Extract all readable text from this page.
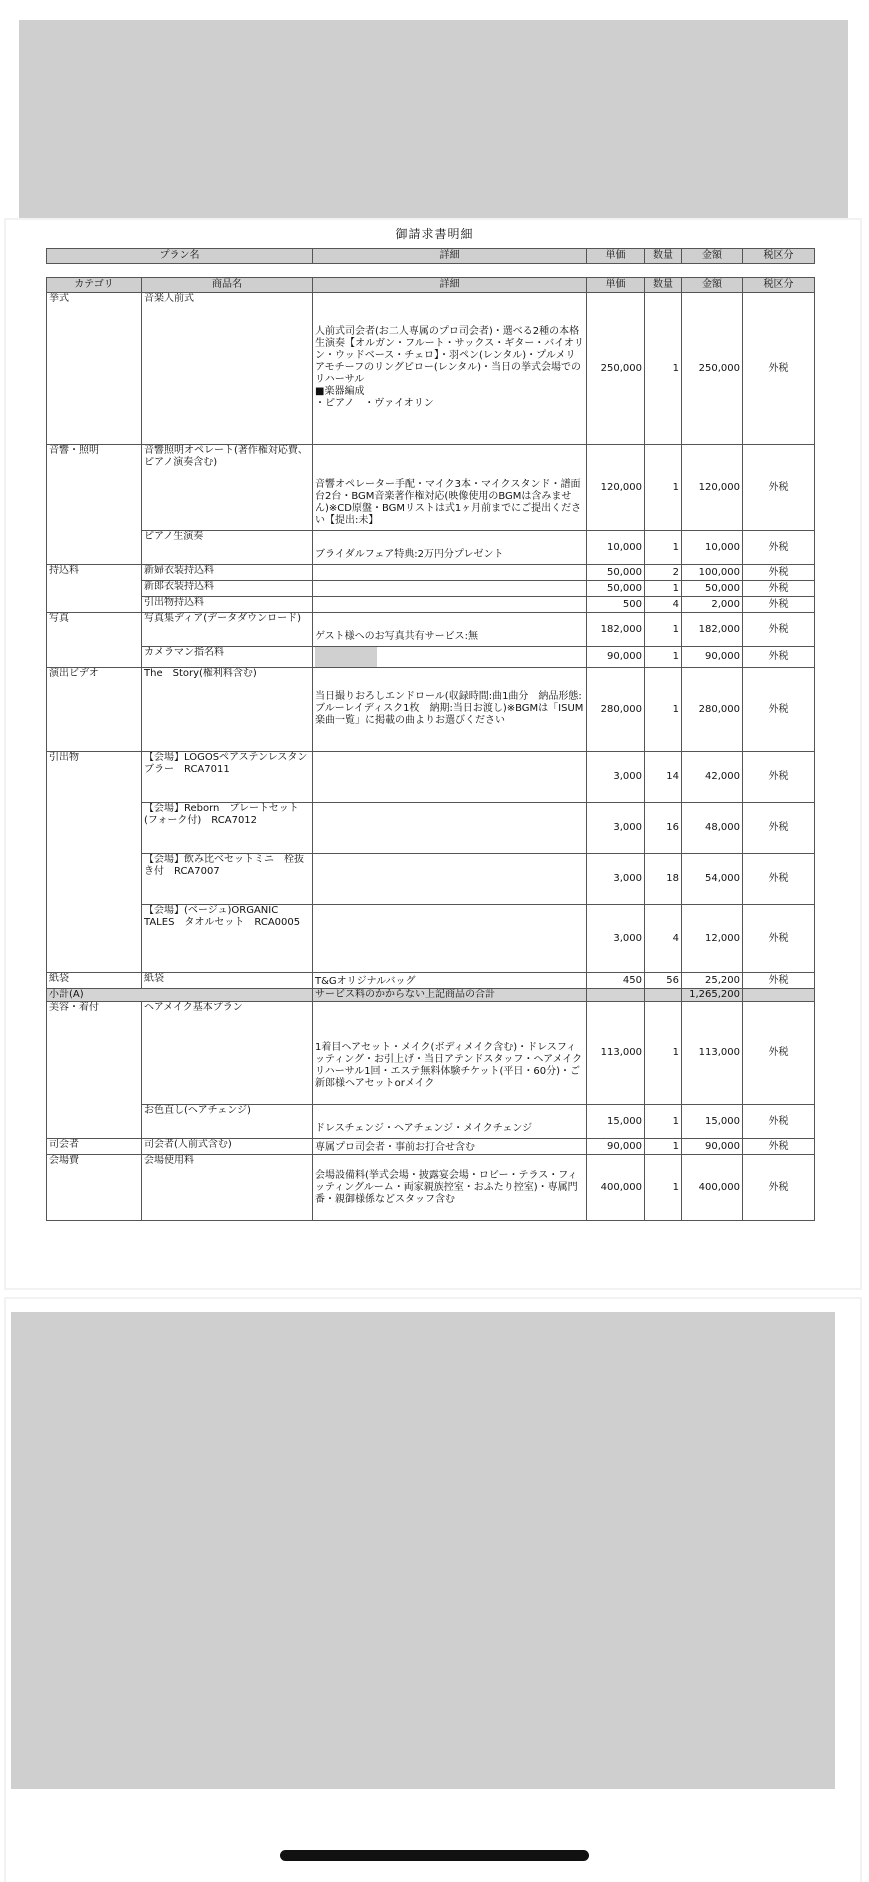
御請求書明細
プラン名	詳細	単価	数量	金額	税区分
カテゴリ	商品名	詳細	単価	数量	金額	税区分
挙式	音楽人前式	人前式司会者(お二人専属のプロ司会者)・選べる2種の本格生演奏【オルガン・フルート・サックス・ギター・バイオリン・ウッドベース・チェロ】・羽ペン(レンタル)・プルメリアモチーフのリングピロー(レンタル)・当日の挙式会場でのリハーサル
■楽器編成
・ピアノ　・ヴァイオリン	250,000	1	250,000	外税
音響・照明	音響照明オペレート(著作権対応費、ピアノ演奏含む)	音響オペレーター手配・マイク3本・マイクスタンド・譜面台2台・BGM音楽著作権対応(映像使用のBGMは含みません)※CD原盤・BGMリストは式1ヶ月前までにご提出ください【提出:未】	120,000	1	120,000	外税
	ピアノ生演奏	ブライダルフェア特典:2万円分プレゼント	10,000	1	10,000	外税
持込料	新婦衣装持込料		50,000	2	100,000	外税
	新郎衣装持込料		50,000	1	50,000	外税
	引出物持込料		500	4	2,000	外税
写真	写真集ディア(データダウンロード)	ゲスト様へのお写真共有サービス:無	182,000	1	182,000	外税
	カメラマン指名料		90,000	1	90,000	外税
演出ビデオ	The　Story(権利料含む)	当日撮りおろしエンドロール(収録時間:曲1曲分　納品形態:ブルーレイディスク1枚　納期:当日お渡し)※BGMは「ISUM楽曲一覧」に掲載の曲よりお選びください	280,000	1	280,000	外税
引出物	【会場】LOGOSペアステンレスタンブラー　RCA7011		3,000	14	42,000	外税
	【会場】Reborn　プレートセット(フォーク付)　RCA7012		3,000	16	48,000	外税
	【会場】飲み比べセットミニ　栓抜き付　RCA7007		3,000	18	54,000	外税
	【会場】(ベージュ)ORGANIC　TALES　タオルセット　RCA0005		3,000	4	12,000	外税
紙袋	紙袋	T&Gオリジナルバッグ	450	56	25,200	外税
小計(A)		サービス料のかからない上記商品の合計			1,265,200	
美容・着付	ヘアメイク基本プラン	1着目ヘアセット・メイク(ボディメイク含む)・ドレスフィッティング・お引上げ・当日アテンドスタッフ・ヘアメイクリハーサル1回・エステ無料体験チケット(平日・60分)・ご新郎様ヘアセットorメイク	113,000	1	113,000	外税
	お色直し(ヘアチェンジ)	ドレスチェンジ・ヘアチェンジ・メイクチェンジ	15,000	1	15,000	外税
司会者	司会者(人前式含む)	専属プロ司会者・事前お打合せ含む	90,000	1	90,000	外税
会場費	会場使用料	会場設備料(挙式会場・披露宴会場・ロビー・テラス・フィッティングルーム・両家親族控室・おふたり控室)・専属門番・親御様係などスタッフ含む	400,000	1	400,000	外税
